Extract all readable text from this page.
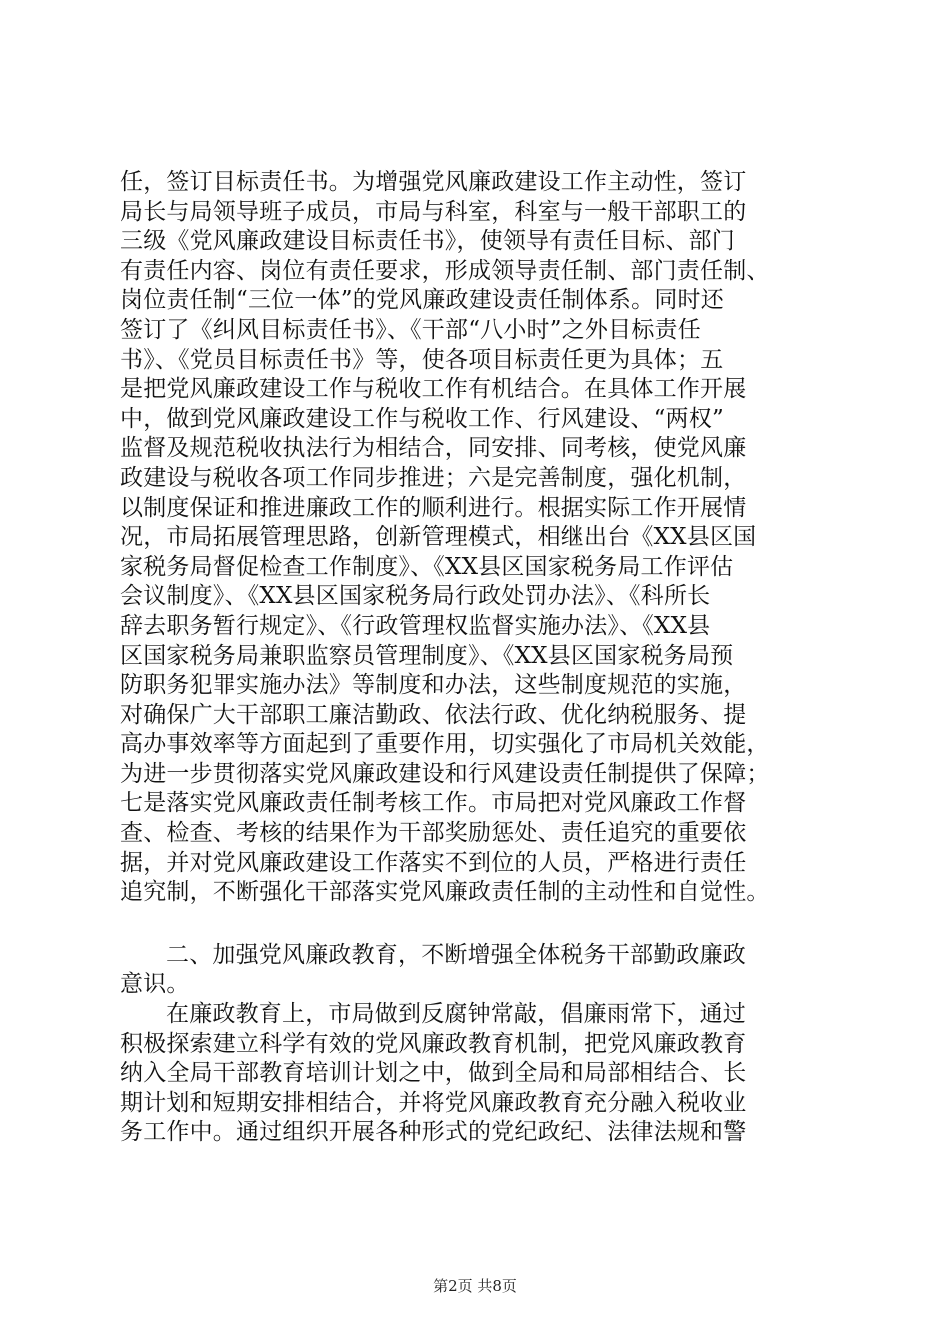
任，签订目标责任书。为增强党风廉政建设工作主动性，签订
局长与局领导班子成员，市局与科室，科室与一般干部职工的
三级《党风廉政建设目标责任书》，使领导有责任目标、部门
有责任内容、岗位有责任要求，形成领导责任制、部门责任制、
岗位责任制“三位一体”的党风廉政建设责任制体系。同时还
签订了《纠风目标责任书》、《干部“八小时”之外目标责任
书》、《党员目标责任书》等，使各项目标责任更为具体；五
是把党风廉政建设工作与税收工作有机结合。在具体工作开展
中，做到党风廉政建设工作与税收工作、行风建设、“两权”
监督及规范税收执法行为相结合，同安排、同考核，使党风廉
政建设与税收各项工作同步推进；六是完善制度，强化机制，
以制度保证和推进廉政工作的顺利进行。根据实际工作开展情
况，市局拓展管理思路，创新管理模式，相继出台《XX县区国
家税务局督促检查工作制度》、《XX县区国家税务局工作评估
会议制度》、《XX县区国家税务局行政处罚办法》、《科所长
辞去职务暂行规定》、《行政管理权监督实施办法》、《XX县
区国家税务局兼职监察员管理制度》、《XX县区国家税务局预
防职务犯罪实施办法》等制度和办法，这些制度规范的实施，
对确保广大干部职工廉洁勤政、依法行政、优化纳税服务、提
高办事效率等方面起到了重要作用，切实强化了市局机关效能，
为进一步贯彻落实党风廉政建设和行风建设责任制提供了保障；
七是落实党风廉政责任制考核工作。市局把对党风廉政工作督
查、检查、考核的结果作为干部奖励惩处、责任追究的重要依
据，并对党风廉政建设工作落实不到位的人员，严格进行责任
追究制，不断强化干部落实党风廉政责任制的主动性和自觉性。
二、加强党风廉政教育，不断增强全体税务干部勤政廉政
意识。
在廉政教育上，市局做到反腐钟常敲，倡廉雨常下，通过
积极探索建立科学有效的党风廉政教育机制，把党风廉政教育
纳入全局干部教育培训计划之中，做到全局和局部相结合、长
期计划和短期安排相结合，并将党风廉政教育充分融入税收业
务工作中。通过组织开展各种形式的党纪政纪、法律法规和警
第2页 共8页
